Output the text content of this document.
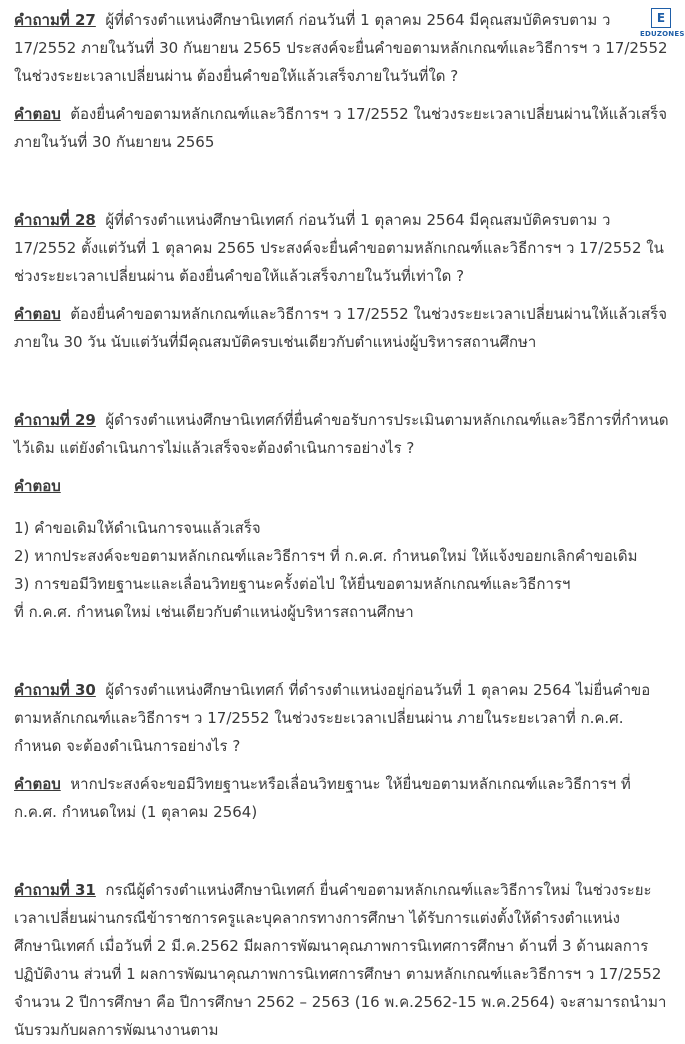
E
EDUZONES

คำถามที่ 27 ผู้ที่ดำรงตำแหน่งศึกษานิเทศก์ ก่อนวันที่ 1 ตุลาคม 2564 มีคุณสมบัติครบตาม ว 17/2552 ภายในวันที่ 30 กันยายน 2565 ประสงค์จะยื่นคำขอตามหลักเกณฑ์และวิธีการฯ ว 17/2552 ในช่วงระยะเวลาเปลี่ยนผ่าน ต้องยื่นคำขอให้แล้วเสร็จภายในวันที่ใด ?

คำตอบ ต้องยื่นคำขอตามหลักเกณฑ์และวิธีการฯ ว 17/2552 ในช่วงระยะเวลาเปลี่ยนผ่านให้แล้วเสร็จภายในวันที่ 30 กันยายน 2565

คำถามที่ 28 ผู้ที่ดำรงตำแหน่งศึกษานิเทศก์ ก่อนวันที่ 1 ตุลาคม 2564 มีคุณสมบัติครบตาม ว 17/2552 ตั้งแต่วันที่ 1 ตุลาคม 2565 ประสงค์จะยื่นคำขอตามหลักเกณฑ์และวิธีการฯ ว 17/2552 ในช่วงระยะเวลาเปลี่ยนผ่าน ต้องยื่นคำขอให้แล้วเสร็จภายในวันที่เท่าใด ?

คำตอบ ต้องยื่นคำขอตามหลักเกณฑ์และวิธีการฯ ว 17/2552 ในช่วงระยะเวลาเปลี่ยนผ่านให้แล้วเสร็จภายใน 30 วัน นับแต่วันที่มีคุณสมบัติครบเช่นเดียวกับตำแหน่งผู้บริหารสถานศึกษา

คำถามที่ 29 ผู้ดำรงตำแหน่งศึกษานิเทศก์ที่ยื่นคำขอรับการประเมินตามหลักเกณฑ์และวิธีการที่กำหนดไว้เดิม แต่ยังดำเนินการไม่แล้วเสร็จจะต้องดำเนินการอย่างไร ?

คำตอบ

1) คำขอเดิมให้ดำเนินการจนแล้วเสร็จ

2) หากประสงค์จะขอตามหลักเกณฑ์และวิธีการฯ ที่ ก.ค.ศ. กำหนดใหม่ ให้แจ้งขอยกเลิกคำขอเดิม

3) การขอมีวิทยฐานะและเลื่อนวิทยฐานะครั้งต่อไป ให้ยื่นขอตามหลักเกณฑ์และวิธีการฯ

ที่ ก.ค.ศ. กำหนดใหม่ เช่นเดียวกับตำแหน่งผู้บริหารสถานศึกษา

คำถามที่ 30 ผู้ดำรงตำแหน่งศึกษานิเทศก์ ที่ดำรงตำแหน่งอยู่ก่อนวันที่ 1 ตุลาคม 2564 ไม่ยื่นคำขอตามหลักเกณฑ์และวิธีการฯ ว 17/2552 ในช่วงระยะเวลาเปลี่ยนผ่าน ภายในระยะเวลาที่ ก.ค.ศ. กำหนด จะต้องดำเนินการอย่างไร ?

คำตอบ หากประสงค์จะขอมีวิทยฐานะหรือเลื่อนวิทยฐานะ ให้ยื่นขอตามหลักเกณฑ์และวิธีการฯ ที่ ก.ค.ศ. กำหนดใหม่ (1 ตุลาคม 2564)

คำถามที่ 31 กรณีผู้ดำรงตำแหน่งศึกษานิเทศก์ ยื่นคำขอตามหลักเกณฑ์และวิธีการใหม่ ในช่วงระยะเวลาเปลี่ยนผ่านกรณีข้าราชการครูและบุคลากรทางการศึกษา ได้รับการแต่งตั้งให้ดำรงตำแหน่งศึกษานิเทศก์ เมื่อวันที่ 2 มี.ค.2562 มีผลการพัฒนาคุณภาพการนิเทศการศึกษา ด้านที่ 3 ด้านผลการปฏิบัติงาน ส่วนที่ 1 ผลการพัฒนาคุณภาพการนิเทศการศึกษา ตามหลักเกณฑ์และวิธีการฯ ว 17/2552 จำนวน 2 ปีการศึกษา คือ ปีการศึกษา 2562 – 2563 (16 พ.ค.2562-15 พ.ค.2564) จะสามารถนำมานับรวมกับผลการพัฒนางานตาม
